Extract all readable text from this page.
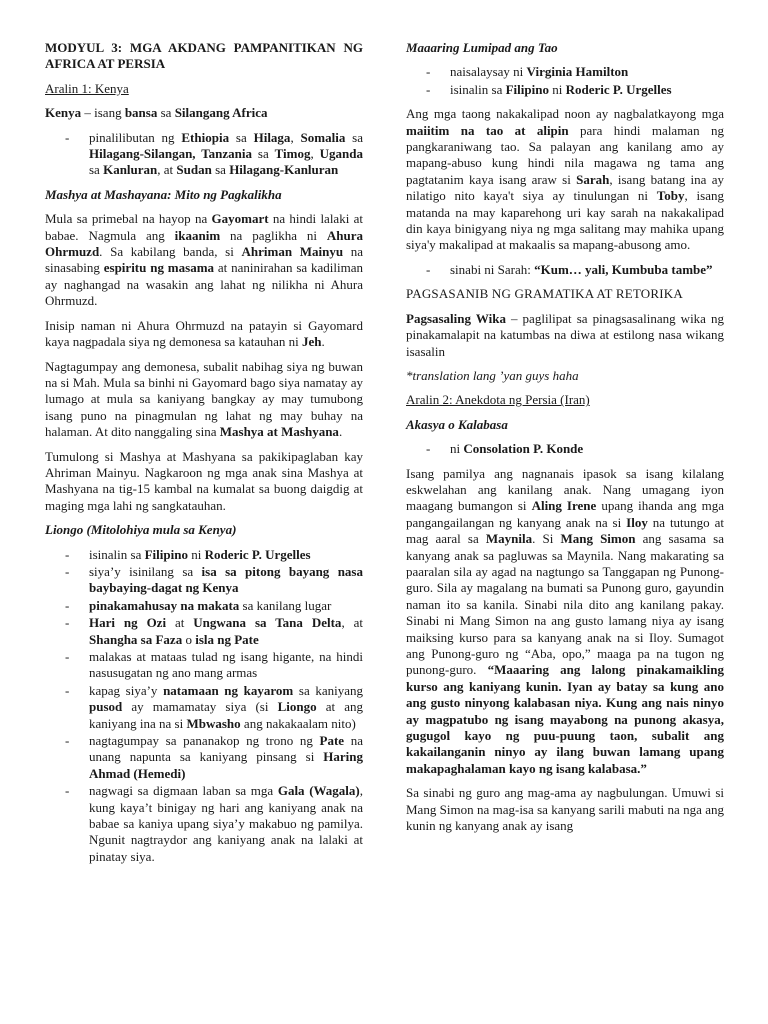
MODYUL 3: MGA AKDANG PAMPANITIKAN NG AFRICA AT PERSIA
Aralin 1: Kenya

Kenya – isang bansa sa Silangang Africa

- pinalilibutan ng Ethiopia sa Hilaga, Somalia sa Hilagang-Silangan, Tanzania sa Timog, Uganda sa Kanluran, at Sudan sa Hilagang-Kanluran
Mashya at Mashayana: Mito ng Pagkalikha

Mula sa primebal na hayop na Gayomart na hindi lalaki at babae. Nagmula ang ikaanim na paglikha ni Ahura Ohrmuzd. Sa kabilang banda, si Ahriman Mainyu na sinasabing espiritu ng masama at naninirahan sa kadiliman ay naghangad na wasakin ang lahat ng nilikha ni Ahura Ohrmuzd.

Inisip naman ni Ahura Ohrmuzd na patayin si Gayomard kaya nagpadala siya ng demonesa sa katauhan ni Jeh.

Nagtagumpay ang demonesa, subalit nabihag siya ng buwan na si Mah. Mula sa binhi ni Gayomard bago siya namatay ay lumago at mula sa kaniyang bangkay ay may tumubong isang puno na pinagmulan ng lahat ng may buhay na halaman. At dito nanggaling sina Mashya at Mashyana.

Tumulong si Mashya at Mashyana sa pakikipaglaban kay Ahriman Mainyu. Nagkaroon ng mga anak sina Mashya at Mashyana na tig-15 kambal na kumalat sa buong daigdig at maging mga lahi ng sangkatauhan.

Liongo (Mitolohiya mula sa Kenya)
- isinalin sa Filipino ni Roderic P. Urgelles
- siya’y isinilang sa isa sa pitong bayang nasa baybaying-dagat ng Kenya
- pinakamahusay na makata sa kanilang lugar
- Hari ng Ozi at Ungwana sa Tana Delta, at Shangha sa Faza o isla ng Pate
- malakas at mataas tulad ng isang higante, na hindi nasusugatan ng ano mang armas
- kapag siya’y natamaan ng kayarom sa kaniyang pusod ay mamamatay siya (si Liongo at ang kaniyang ina na si Mbwasho ang nakakaalam nito)
- nagtagumpay sa pananakop ng trono ng Pate na unang napunta sa kaniyang pinsang si Haring Ahmad (Hemedi)
- nagwagi sa digmaan laban sa mga Gala (Wagala), kung kaya’t binigay ng hari ang kaniyang anak na babae sa kaniya upang siya’y makabuo ng pamilya. Ngunit nagtraydor ang kaniyang anak na lalaki at pinatay siya.
Maaaring Lumipad ang Tao
- naisalaysay ni Virginia Hamilton
- isinalin sa Filipino ni Roderic P. Urgelles

Ang mga taong nakakalipad noon ay nagbalatkayong mga maiitim na tao at alipin para hindi malaman ng pangkaraniwang tao. Sa palayan ang kanilang amo ay mapang-abuso kung hindi nila magawa ng tama ang pagtatanim kaya isang araw si Sarah, isang batang ina ay nilatigo nito kaya't siya ay tinulungan ni Toby, isang matanda na may kaparehong uri kay sarah na nakakalipad din kaya binigyang niya ng mga salitang may mahika upang siya'y makalipad at makaalis sa mapang-abusong amo.

- sinabi ni Sarah: “Kum… yali, Kumbuba tambe”
PAGSASANIB NG GRAMATIKA AT RETORIKA

Pagsasaling Wika – paglilipat sa pinagsasalinang wika ng pinakamalapit na katumbas na diwa at estilong nasa wikang isasalin

*translation lang ’yan guys haha
Aralin 2: Anekdota ng Persia (Iran)
Akasya o Kalabasa
- ni Consolation P. Konde

Isang pamilya ang nagnanais ipasok sa isang kilalang eskwelahan ang kanilang anak. Nang umagang iyon maagang bumangon si Aling Irene upang ihanda ang mga pangangailangan ng kanyang anak na si Iloy na tutungo at mag aaral sa Maynila. Si Mang Simon ang sasama sa kanyang anak sa pagluwas sa Maynila. Nang makarating sa paaralan sila ay agad na nagtungo sa Tanggapan ng Punong-guro. Sila ay magalang na bumati sa Punong guro, gayundin naman ito sa kanila. Sinabi nila dito ang kanilang pakay. Sinabi ni Mang Simon na ang gusto lamang niya ay isang maiksing kurso para sa kanyang anak na si Iloy. Sumagot ang Punong-guro ng “Aba, opo,” maaga pa na tugon ng punong-guro. “Maaaring ang lalong pinakamaikling kurso ang kaniyang kunin. Iyan ay batay sa kung ano ang gusto ninyong kalabasan niya. Kung ang nais ninyo ay magpatubo ng isang mayabong na punong akasya, gugugol kayo ng puu-puung taon, subalit ang kakailanganin ninyo ay ilang buwan lamang upang makapaghalaman kayo ng isang kalabasa.”

Sa sinabi ng guro ang mag-ama ay nagbulungan. Umuwi si Mang Simon na mag-isa sa kanyang sarili mabuti na nga ang kunin ng kanyang anak ay isang
